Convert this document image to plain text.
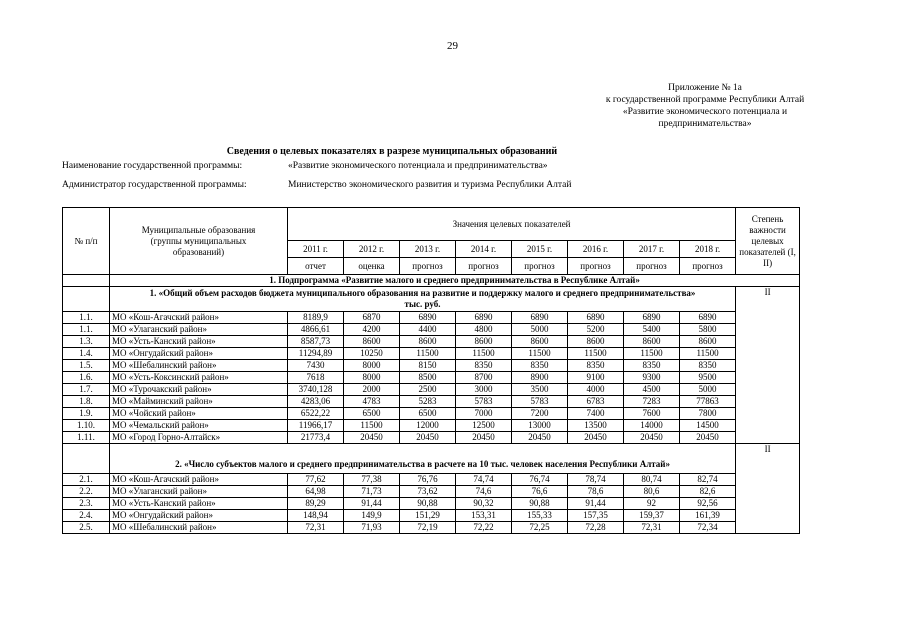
29
Приложение № 1а
к государственной программе Республики Алтай
«Развитие экономического потенциала и
предпринимательства»
Сведения о целевых показателях в разрезе муниципальных образований
Наименование государственной программы:	«Развитие экономического потенциала и предпринимательства»
Администратор государственной программы:	Министерство экономического развития и туризма Республики Алтай
№ п/п	Муниципальные образования (группы муниципальных образований)	Значения целевых показателей								Степень важности целевых показателей (I, II)
		2011 г.	2012 г.	2013 г.	2014 г.	2015 г.	2016 г.	2017 г.	2018 г.	
		отчет	оценка	прогноз	прогноз	прогноз	прогноз	прогноз	прогноз	
	1. Подпрограмма «Развитие малого и среднего предпринимательства в Республике Алтай»									
	1. «Общий объем расходов бюджета муниципального образования на развитие и поддержку малого и среднего предпринимательства» тыс. руб.									II
1.1.	МО «Кош-Агачский район»	8189,9	6870	6890	6890	6890	6890	6890	6890	
1.1.	МО «Улаганский район»	4866,61	4200	4400	4800	5000	5200	5400	5800	
1.3.	МО «Усть-Канский район»	8587,73	8600	8600	8600	8600	8600	8600	8600	
1.4.	МО «Онгудайский район»	11294,89	10250	11500	11500	11500	11500	11500	11500	
1.5.	МО «Шебалинский район»	7430	8000	8150	8350	8350	8350	8350	8350	
1.6.	МО «Усть-Коксинский район»	7618	8000	8500	8700	8900	9100	9300	9500	
1.7.	МО «Турочакский район»	3740,128	2000	2500	3000	3500	4000	4500	5000	
1.8.	МО «Майминский район»	4283,06	4783	5283	5783	5783	6783	7283	77863	
1.9.	МО «Чойский район»	6522,22	6500	6500	7000	7200	7400	7600	7800	
1.10.	МО «Чемальский район»	11966,17	11500	12000	12500	13000	13500	14000	14500	
1.11.	МО «Город Горно-Алтайск»	21773,4	20450	20450	20450	20450	20450	20450	20450	
	2. «Число субъектов малого и среднего предпринимательства в расчете на 10 тыс. человек населения Республики Алтай»									II
2.1.	МО «Кош-Агачский район»	77,62	77,38	76,76	74,74	76,74	78,74	80,74	82,74	
2.2.	МО «Улаганский район»	64,98	71,73	73,62	74,6	76,6	78,6	80,6	82,6	
2.3.	МО «Усть-Канский район»	89,29	91,44	90,88	90,32	90,88	91,44	92	92,56	
2.4.	МО «Онгудайский район»	148,94	149,9	151,29	153,31	155,33	157,35	159,37	161,39	
2.5.	МО «Шебалинский район»	72,31	71,93	72,19	72,22	72,25	72,28	72,31	72,34	
